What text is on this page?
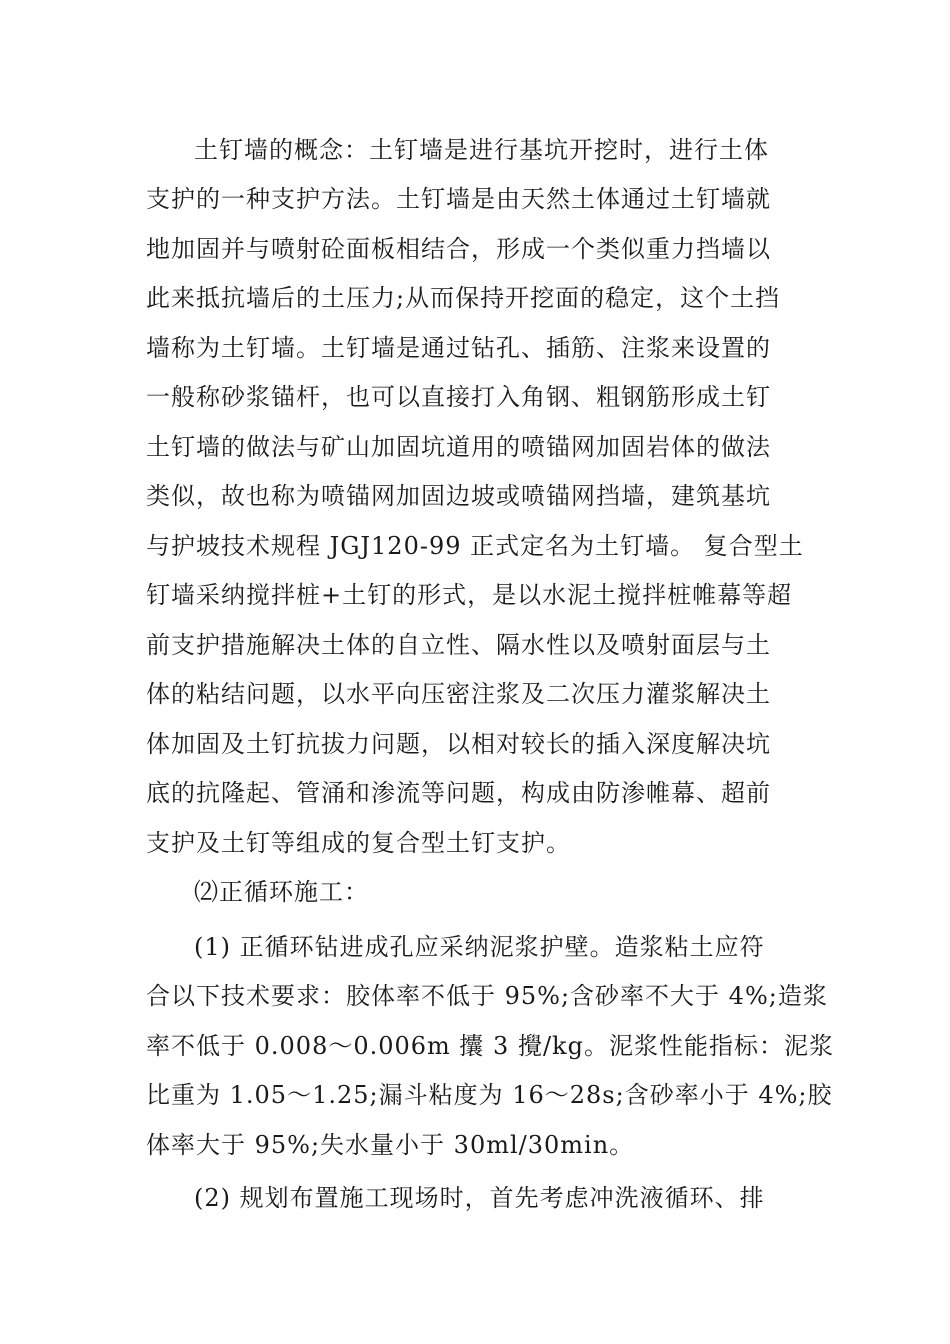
土钉墙的概念：土钉墙是进行基坑开挖时，进行土体
支护的一种支护方法。土钉墙是由天然土体通过土钉墙就
地加固并与喷射砼面板相结合，形成一个类似重力挡墙以
此来抵抗墙后的土压力;从而保持开挖面的稳定，这个土挡
墙称为土钉墙。土钉墙是通过钻孔、插筋、注浆来设置的
一般称砂浆锚杆，也可以直接打入角钢、粗钢筋形成土钉
土钉墙的做法与矿山加固坑道用的喷锚网加固岩体的做法
类似，故也称为喷锚网加固边坡或喷锚网挡墙，建筑基坑
与护坡技术规程 JGJ120-99 正式定名为土钉墙。 复合型土
钉墙采纳搅拌桩+土钉的形式，是以水泥土搅拌桩帷幕等超
前支护措施解决土体的自立性、隔水性以及喷射面层与土
体的粘结问题，以水平向压密注浆及二次压力灌浆解决土
体加固及土钉抗拔力问题，以相对较长的插入深度解决坑
底的抗隆起、管涌和渗流等问题，构成由防渗帷幕、超前
支护及土钉等组成的复合型土钉支护。
⑵正循环施工：
(1) 正循环钻进成孔应采纳泥浆护壁。造浆粘土应符
合以下技术要求：胶体率不低于 95%;含砂率不大于 4%;造浆
率不低于 0.008～0.006m 攮 3 攪/kg。泥浆性能指标：泥浆
比重为 1.05～1.25;漏斗粘度为 16～28s;含砂率小于 4%;胶
体率大于 95%;失水量小于 30ml/30min。
(2) 规划布置施工现场时，首先考虑冲洗液循环、排
